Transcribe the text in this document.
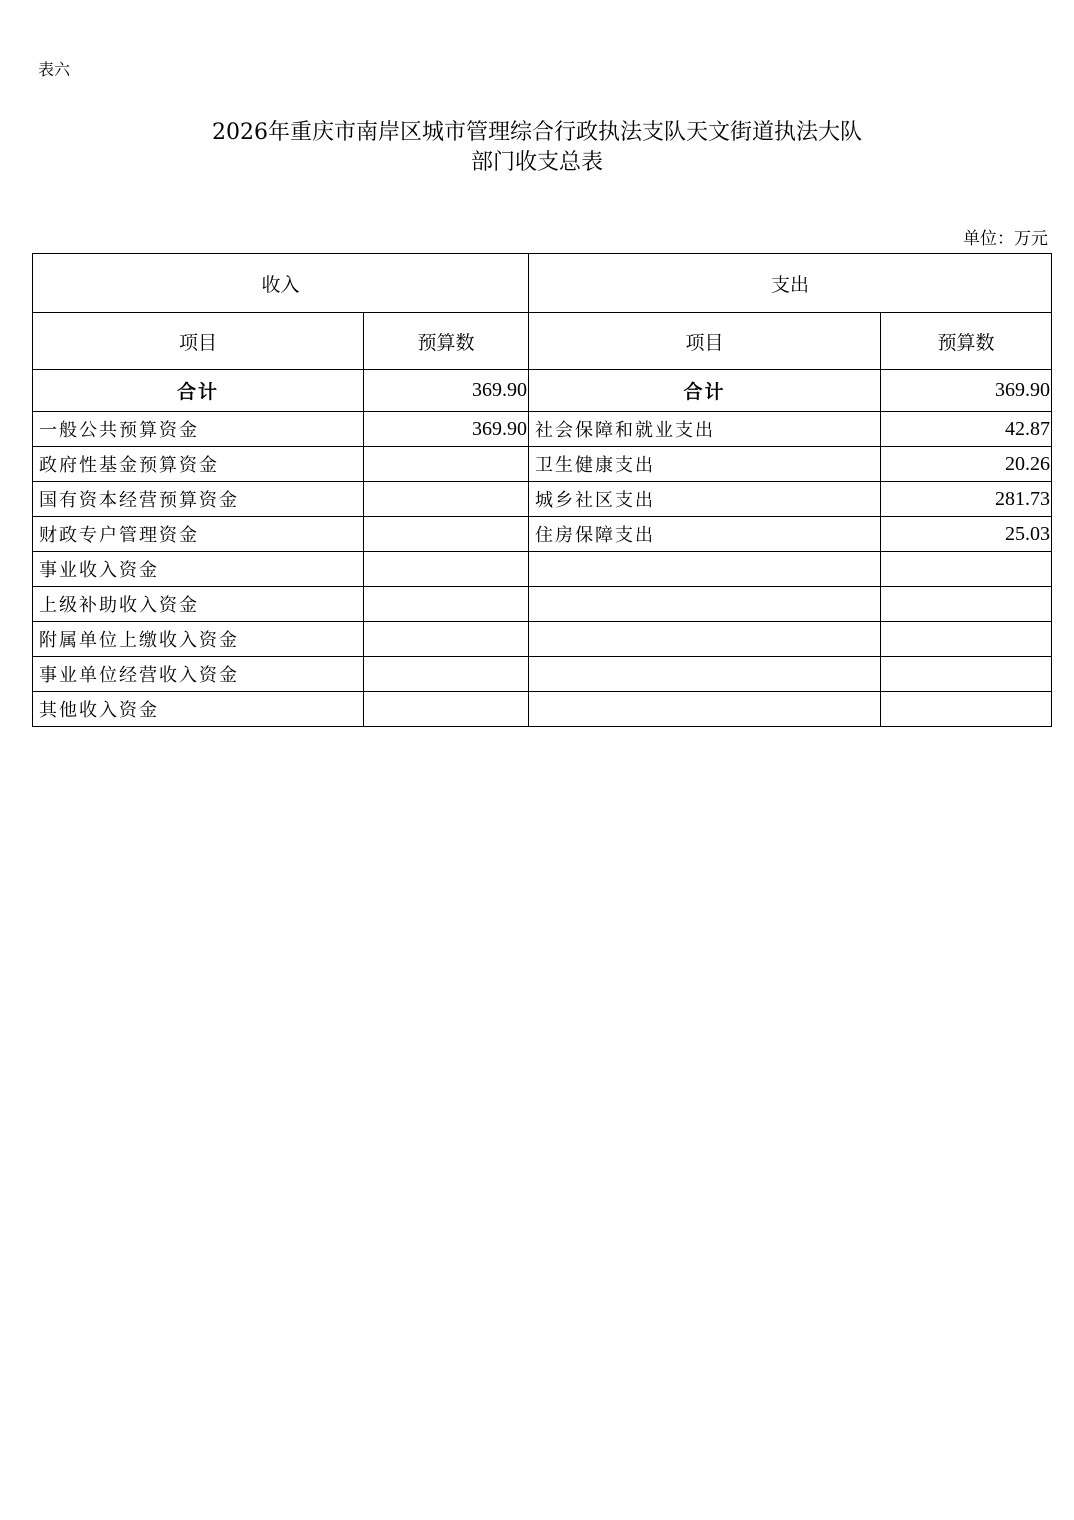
表六
2026年重庆市南岸区城市管理综合行政执法支队天文街道执法大队
部门收支总表
单位：万元
收入		支出	
项目	预算数	项目	预算数
合计	369.90	合计	369.90
一般公共预算资金	369.90	社会保障和就业支出	42.87
政府性基金预算资金		卫生健康支出	20.26
国有资本经营预算资金		城乡社区支出	281.73
财政专户管理资金		住房保障支出	25.03
事业收入资金			
上级补助收入资金			
附属单位上缴收入资金			
事业单位经营收入资金			
其他收入资金			
